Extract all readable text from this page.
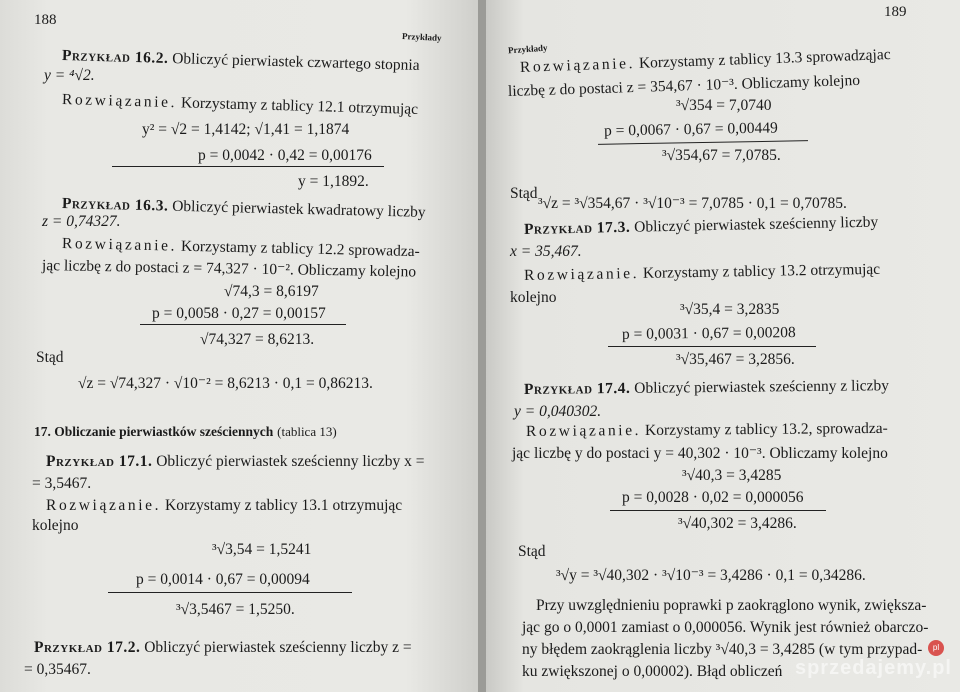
188
Przykłady
Przykład 16.2. Obliczyć pierwiastek czwartego stopnia
y = ⁴√2.
Rozwiązanie. Korzystamy z tablicy 12.1 otrzymując
y² = √2 = 1,4142; √1,41 = 1,1874
p = 0,0042 · 0,42 = 0,00176
y = 1,1892.
Przykład 16.3. Obliczyć pierwiastek kwadratowy liczby
z = 0,74327.
Rozwiązanie. Korzystamy z tablicy 12.2 sprowadza-
jąc liczbę z do postaci z = 74,327 · 10⁻². Obliczamy kolejno
√74,3 = 8,6197
p = 0,0058 · 0,27 = 0,00157
√74,327 = 8,6213.
Stąd
√z = √74,327 · √10⁻² = 8,6213 · 0,1 = 0,86213.
17. Obliczanie pierwiastków sześciennych (tablica 13)
Przykład 17.1. Obliczyć pierwiastek sześcienny liczby x =
= 3,5467.
Rozwiązanie. Korzystamy z tablicy 13.1 otrzymując
kolejno
³√3,54 = 1,5241
p = 0,0014 · 0,67 = 0,00094
³√3,5467 = 1,5250.
Przykład 17.2. Obliczyć pierwiastek sześcienny liczby z =
= 0,35467.
189
Przykłady
Rozwiązanie. Korzystamy z tablicy 13.3 sprowadząjac
liczbę z do postaci z = 354,67 · 10⁻³. Obliczamy kolejno
³√354 = 7,0740
p = 0,0067 · 0,67 = 0,00449
³√354,67 = 7,0785.
Stąd
³√z = ³√354,67 · ³√10⁻³ = 7,0785 · 0,1 = 0,70785.
Przykład 17.3. Obliczyć pierwiastek sześcienny liczby
x = 35,467.
Rozwiązanie. Korzystamy z tablicy 13.2 otrzymując
kolejno
³√35,4 = 3,2835
p = 0,0031 · 0,67 = 0,00208
³√35,467 = 3,2856.
Przykład 17.4. Obliczyć pierwiastek sześcienny z liczby
y = 0,040302.
Rozwiązanie. Korzystamy z tablicy 13.2, sprowadza-
jąc liczbę y do postaci y = 40,302 · 10⁻³. Obliczamy kolejno
³√40,3 = 3,4285
p = 0,0028 · 0,02 = 0,000056
³√40,302 = 3,4286.
Stąd
³√y = ³√40,302 · ³√10⁻³ = 3,4286 · 0,1 = 0,34286.
Przy uwzględnieniu poprawki p zaokrąglono wynik, zwiększa-
jąc go o 0,0001 zamiast o 0,000056. Wynik jest również obarczo-
ny błędem zaokrąglenia liczby ³√40,3 = 3,4285 (w tym przypad-
ku zwiększonej o 0,00002). Błąd obliczeń
pl
sprzedajemy.pl
